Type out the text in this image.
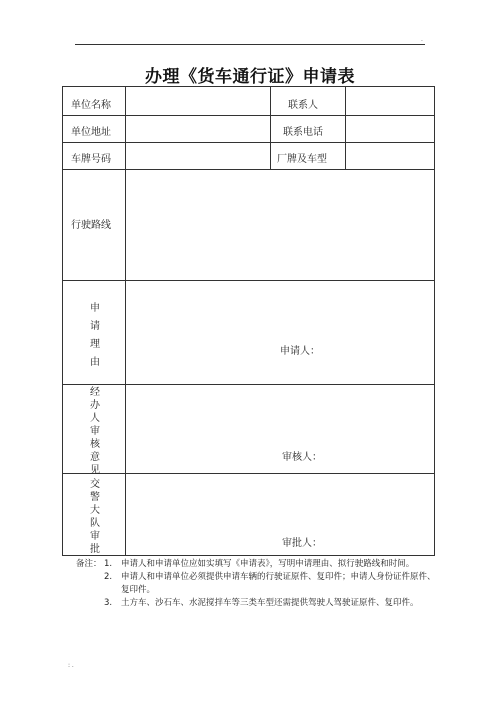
.
办理《货车通行证》申请表
单位名称	联系人
单位地址	联系电话
车牌号码	厂牌及车型
行驶路线
申
请
理
由
申请人：
经
办
人
审
核
意
见
审核人：
交
警
大
队
审
批
审批人：
备注： 1. 申请人和申请单位应如实填写《申请表》，写明申请理由、拟行驶路线和时间。
2. 申请人和申请单位必须提供申请车辆的行驶证原件、复印件；申请人身份证件原件、复印件。
3. 土方车、沙石车、水泥搅拌车等三类车型还需提供驾驶人驾驶证原件、复印件。
: .
